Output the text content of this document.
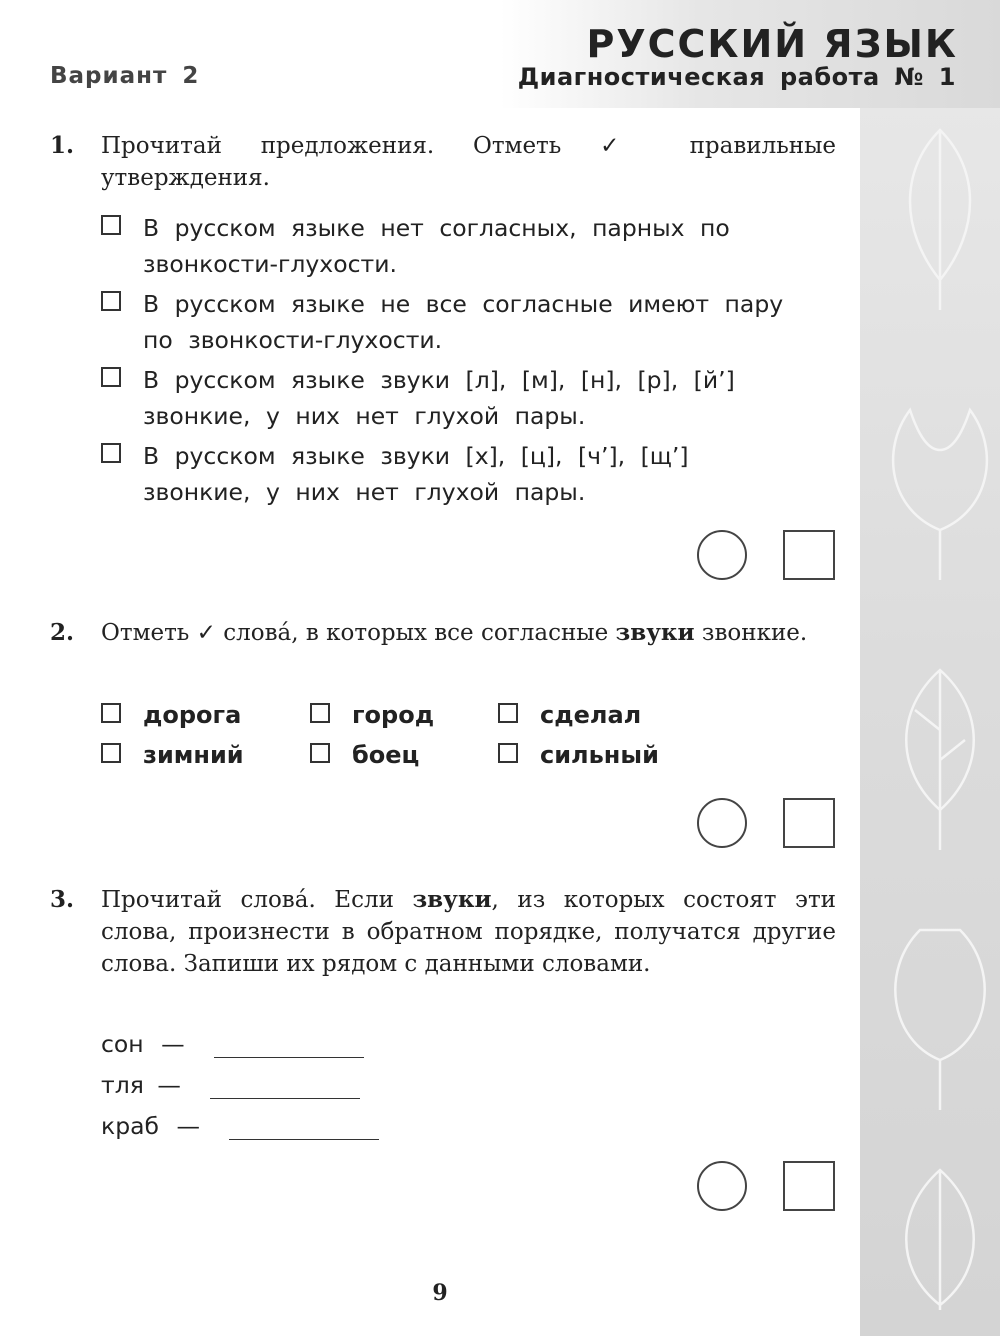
РУССКИЙ ЯЗЫК
Вариант 2	Диагностическая работа № 1
1. Прочитай предложения. Отметь ✓ правильные утверждения.
В русском языке нет согласных, парных по звонкости-глухости.
В русском языке не все согласные имеют пару по звонкости-глухости.
В русском языке звуки [л], [м], [н], [р], [й’] звонкие, у них нет глухой пары.
В русском языке звуки [х], [ц], [ч’], [щ’] звонкие, у них нет глухой пары.
2. Отметь ✓ слова́, в которых все согласные звуки звонкие.
дорога	город	сделал
зимний	боец	сильный
3. Прочитай слова́. Если звуки, из которых состоят эти слова, произнести в обратном порядке, получатся другие слова. Запиши их рядом с данными словами.
сон —
тля —
краб —
9
